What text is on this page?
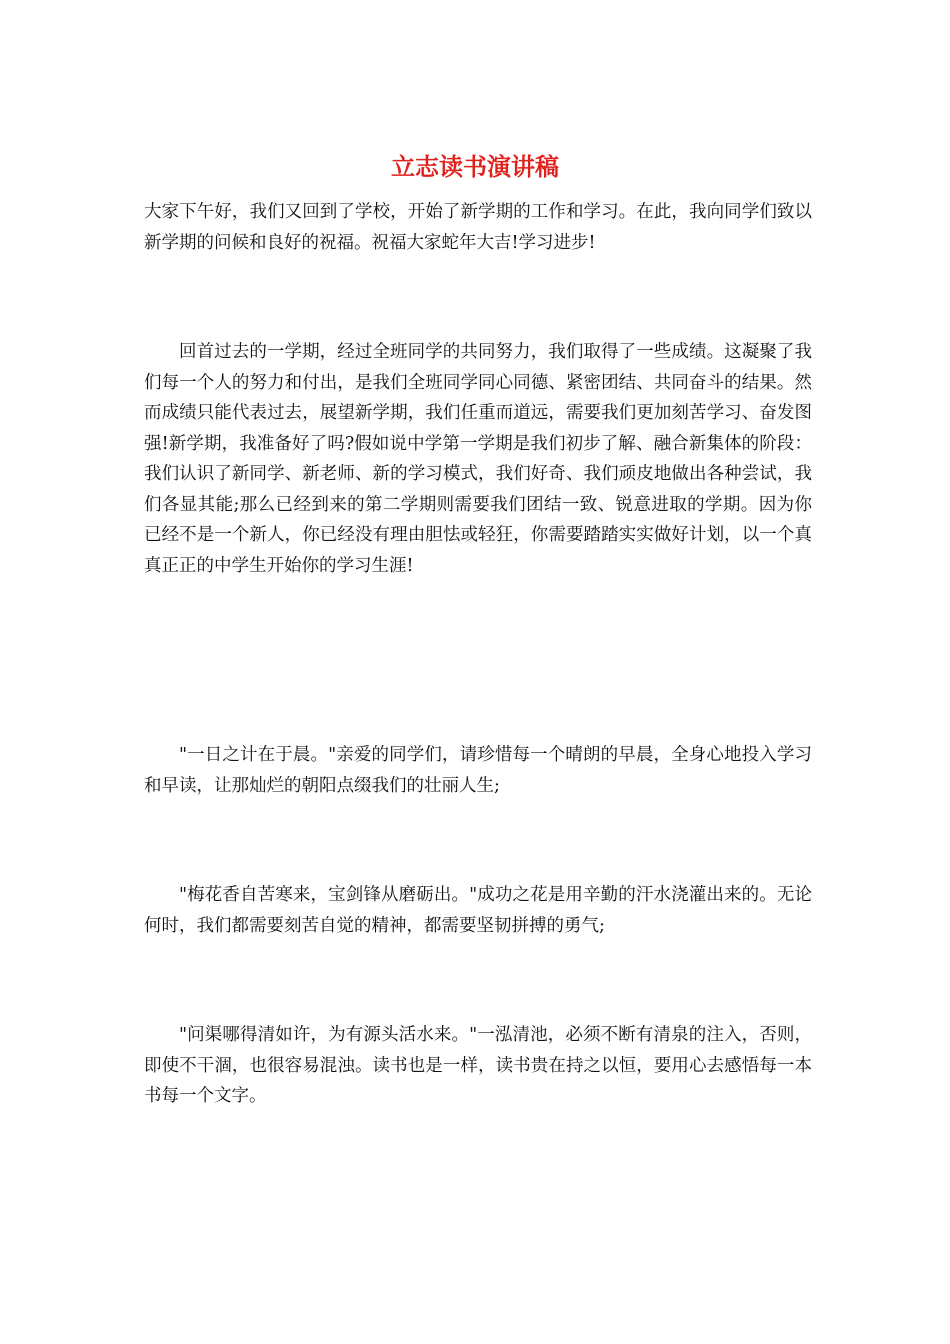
立志读书演讲稿

大家下午好，我们又回到了学校，开始了新学期的工作和学习。在此，我向同学们致以新学期的问候和良好的祝福。祝福大家蛇年大吉!学习进步!

回首过去的一学期，经过全班同学的共同努力，我们取得了一些成绩。这凝聚了我们每一个人的努力和付出，是我们全班同学同心同德、紧密团结、共同奋斗的结果。然而成绩只能代表过去，展望新学期，我们任重而道远，需要我们更加刻苦学习、奋发图强!新学期，我准备好了吗?假如说中学第一学期是我们初步了解、融合新集体的阶段：我们认识了新同学、新老师、新的学习模式，我们好奇、我们顽皮地做出各种尝试，我们各显其能;那么已经到来的第二学期则需要我们团结一致、锐意进取的学期。因为你已经不是一个新人，你已经没有理由胆怯或轻狂，你需要踏踏实实做好计划，以一个真真正正的中学生开始你的学习生涯!

"一日之计在于晨。"亲爱的同学们，请珍惜每一个晴朗的早晨，全身心地投入学习和早读，让那灿烂的朝阳点缀我们的壮丽人生;

"梅花香自苦寒来，宝剑锋从磨砺出。"成功之花是用辛勤的汗水浇灌出来的。无论何时，我们都需要刻苦自觉的精神，都需要坚韧拼搏的勇气;

"问渠哪得清如许，为有源头活水来。"一泓清池，必须不断有清泉的注入，否则，即使不干涸，也很容易混浊。读书也是一样，读书贵在持之以恒，要用心去感悟每一本书每一个文字。
